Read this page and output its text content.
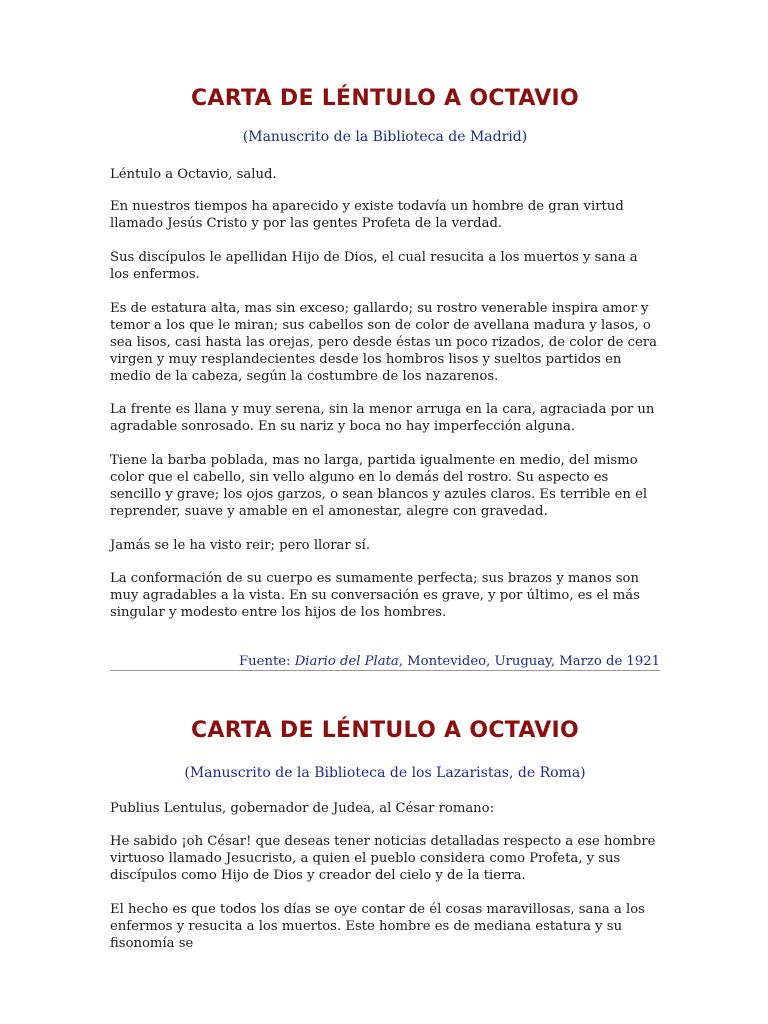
CARTA DE LÉNTULO A OCTAVIO

(Manuscrito de la Biblioteca de Madrid)

Léntulo a Octavio, salud.

En nuestros tiempos ha aparecido y existe todavía un hombre de gran virtud llamado Jesús Cristo y por las gentes Profeta de la verdad.

Sus discípulos le apellidan Hijo de Dios, el cual resucita a los muertos y sana a los enfermos.

Es de estatura alta, mas sin exceso; gallardo; su rostro venerable inspira amor y temor a los que le miran; sus cabellos son de color de avellana madura y lasos, o sea lisos, casi hasta las orejas, pero desde éstas un poco rizados, de color de cera virgen y muy resplandecientes desde los hombros lisos y sueltos partidos en medio de la cabeza, según la costumbre de los nazarenos.

La frente es llana y muy serena, sin la menor arruga en la cara, agraciada por un agradable sonrosado. En su nariz y boca no hay imperfección alguna.

Tiene la barba poblada, mas no larga, partida igualmente en medio, del mismo color que el cabello, sin vello alguno en lo demás del rostro. Su aspecto es sencillo y grave; los ojos garzos, o sean blancos y azules claros. Es terrible en el reprender, suave y amable en el amonestar, alegre con gravedad.

Jamás se le ha visto reir; pero llorar sí.

La conformación de su cuerpo es sumamente perfecta; sus brazos y manos son muy agradables a la vista. En su conversación es grave, y por último, es el más singular y modesto entre los hijos de los hombres.

Fuente: Diario del Plata, Montevideo, Uruguay, Marzo de 1921

CARTA DE LÉNTULO A OCTAVIO

(Manuscrito de la Biblioteca de los Lazaristas, de Roma)

Publius Lentulus, gobernador de Judea, al César romano:

He sabido ¡oh César! que deseas tener noticias detalladas respecto a ese hombre virtuoso llamado Jesucristo, a quien el pueblo considera como Profeta, y sus discípulos como Hijo de Dios y creador del cielo y de la tierra.

El hecho es que todos los días se oye contar de él cosas maravillosas, sana a los enfermos y resucita a los muertos. Este hombre es de mediana estatura y su fisonomía se
